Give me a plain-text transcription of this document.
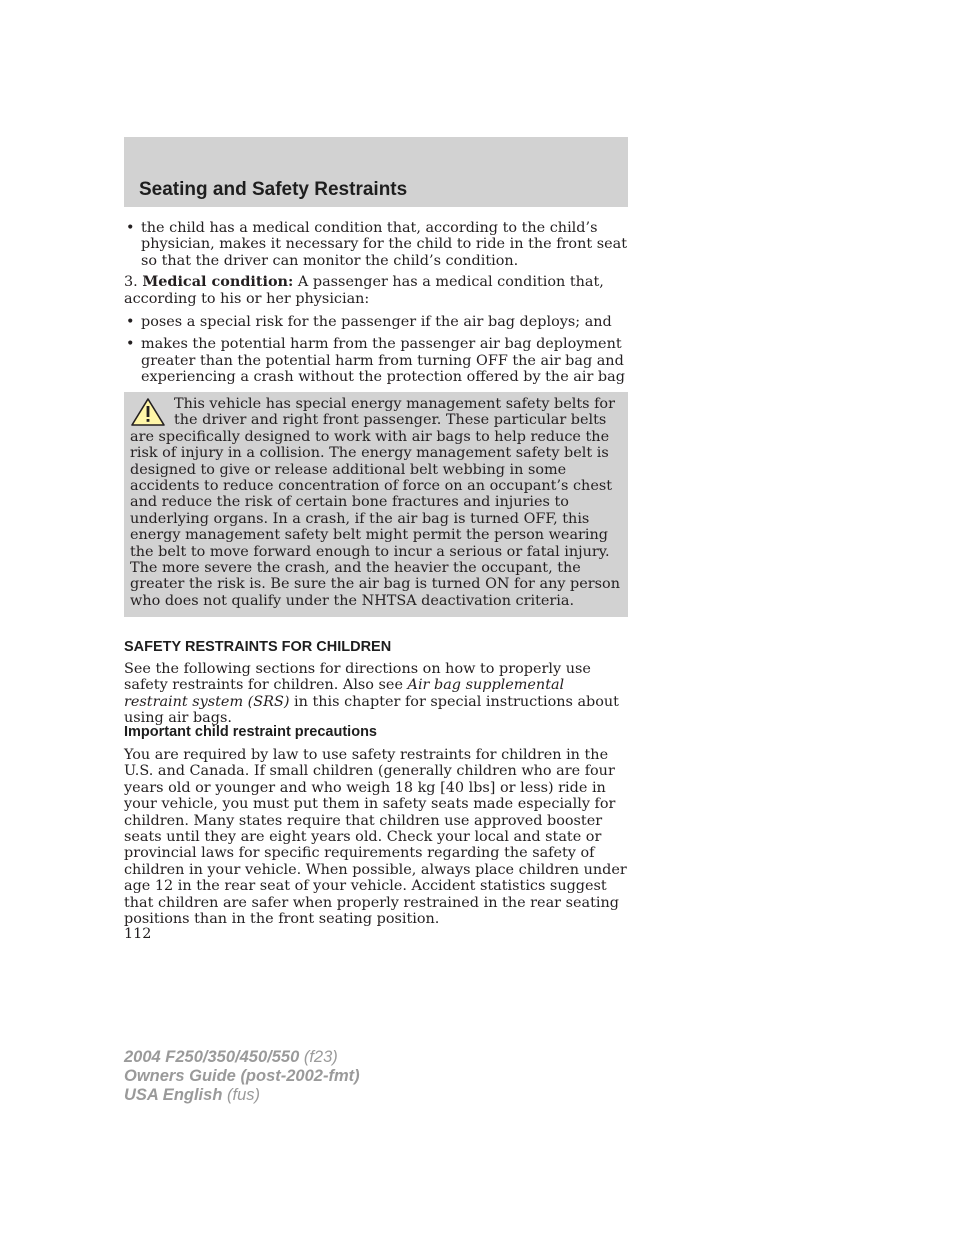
Seating and Safety Restraints
• the child has a medical condition that, according to the child’s physician, makes it necessary for the child to ride in the front seat so that the driver can monitor the child’s condition.

3. Medical condition: A passenger has a medical condition that, according to his or her physician:

• poses a special risk for the passenger if the air bag deploys; and
• makes the potential harm from the passenger air bag deployment greater than the potential harm from turning OFF the air bag and experiencing a crash without the protection offered by the air bag
This vehicle has special energy management safety belts for the driver and right front passenger. These particular belts are specifically designed to work with air bags to help reduce the risk of injury in a collision. The energy management safety belt is designed to give or release additional belt webbing in some accidents to reduce concentration of force on an occupant’s chest and reduce the risk of certain bone fractures and injuries to underlying organs. In a crash, if the air bag is turned OFF, this energy management safety belt might permit the person wearing the belt to move forward enough to incur a serious or fatal injury. The more severe the crash, and the heavier the occupant, the greater the risk is. Be sure the air bag is turned ON for any person who does not qualify under the NHTSA deactivation criteria.
SAFETY RESTRAINTS FOR CHILDREN

See the following sections for directions on how to properly use safety restraints for children. Also see Air bag supplemental restraint system (SRS) in this chapter for special instructions about using air bags.

Important child restraint precautions

You are required by law to use safety restraints for children in the U.S. and Canada. If small children (generally children who are four years old or younger and who weigh 18 kg [40 lbs] or less) ride in your vehicle, you must put them in safety seats made especially for children. Many states require that children use approved booster seats until they are eight years old. Check your local and state or provincial laws for specific requirements regarding the safety of children in your vehicle. When possible, always place children under age 12 in the rear seat of your vehicle. Accident statistics suggest that children are safer when properly restrained in the rear seating positions than in the front seating position.

112
2004 F250/350/450/550 (f23)
Owners Guide (post-2002-fmt)
USA English (fus)
